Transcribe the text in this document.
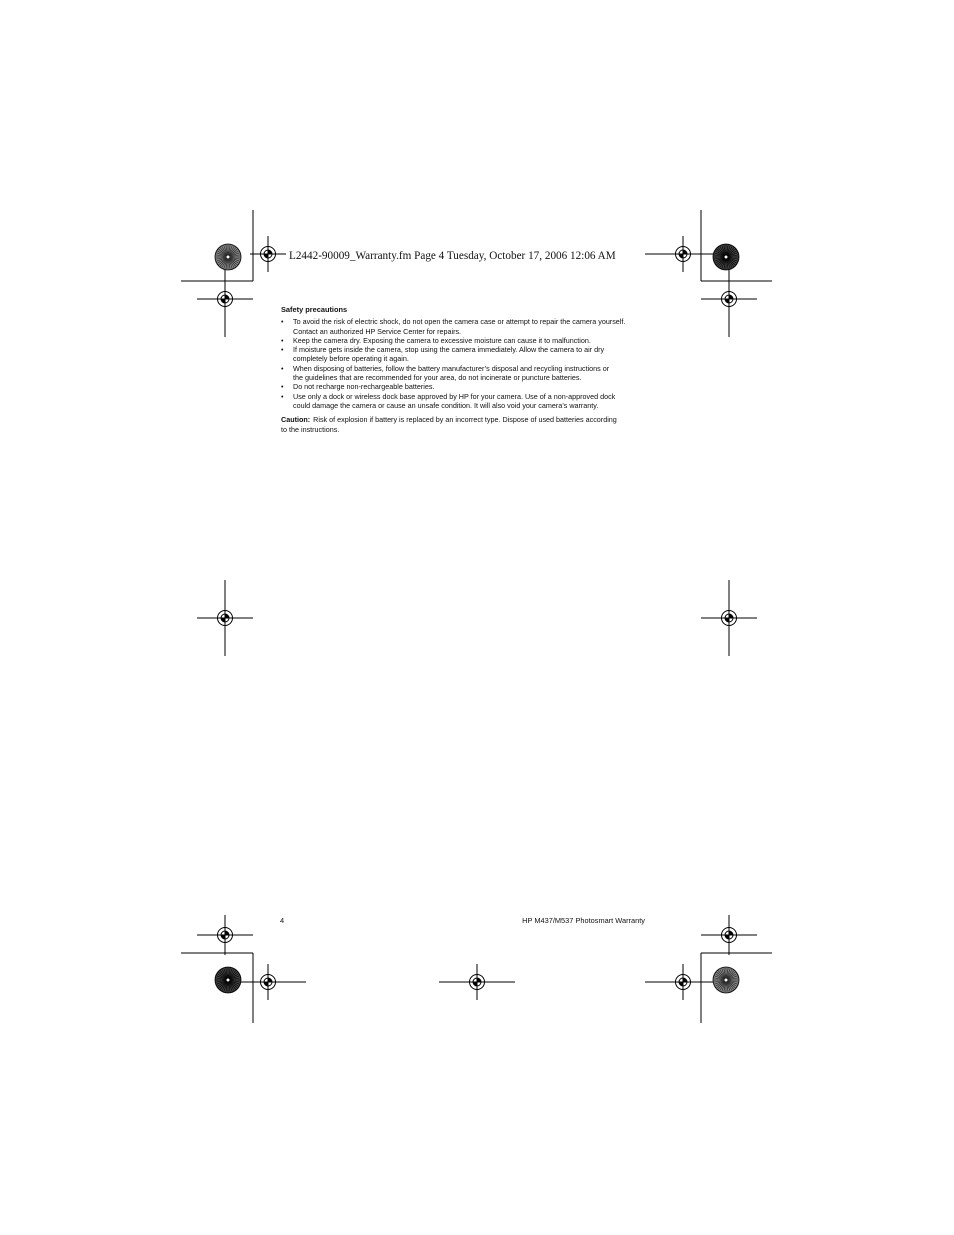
L2442-90009_Warranty.fm Page 4 Tuesday, October 17, 2006 12:06 AM
Safety precautions
• To avoid the risk of electric shock, do not open the camera case or attempt to repair the camera yourself.
Contact an authorized HP Service Center for repairs.
• Keep the camera dry. Exposing the camera to excessive moisture can cause it to malfunction.
• If moisture gets inside the camera, stop using the camera immediately. Allow the camera to air dry
completely before operating it again.
• When disposing of batteries, follow the battery manufacturer’s disposal and recycling instructions or
the guidelines that are recommended for your area, do not incinerate or puncture batteries.
• Do not recharge non-rechargeable batteries.
• Use only a dock or wireless dock base approved by HP for your camera. Use of a non-approved dock
could damage the camera or cause an unsafe condition. It will also void your camera’s warranty.
Caution: Risk of explosion if battery is replaced by an incorrect type. Dispose of used batteries according
to the instructions.
4	HP M437/M537 Photosmart Warranty
